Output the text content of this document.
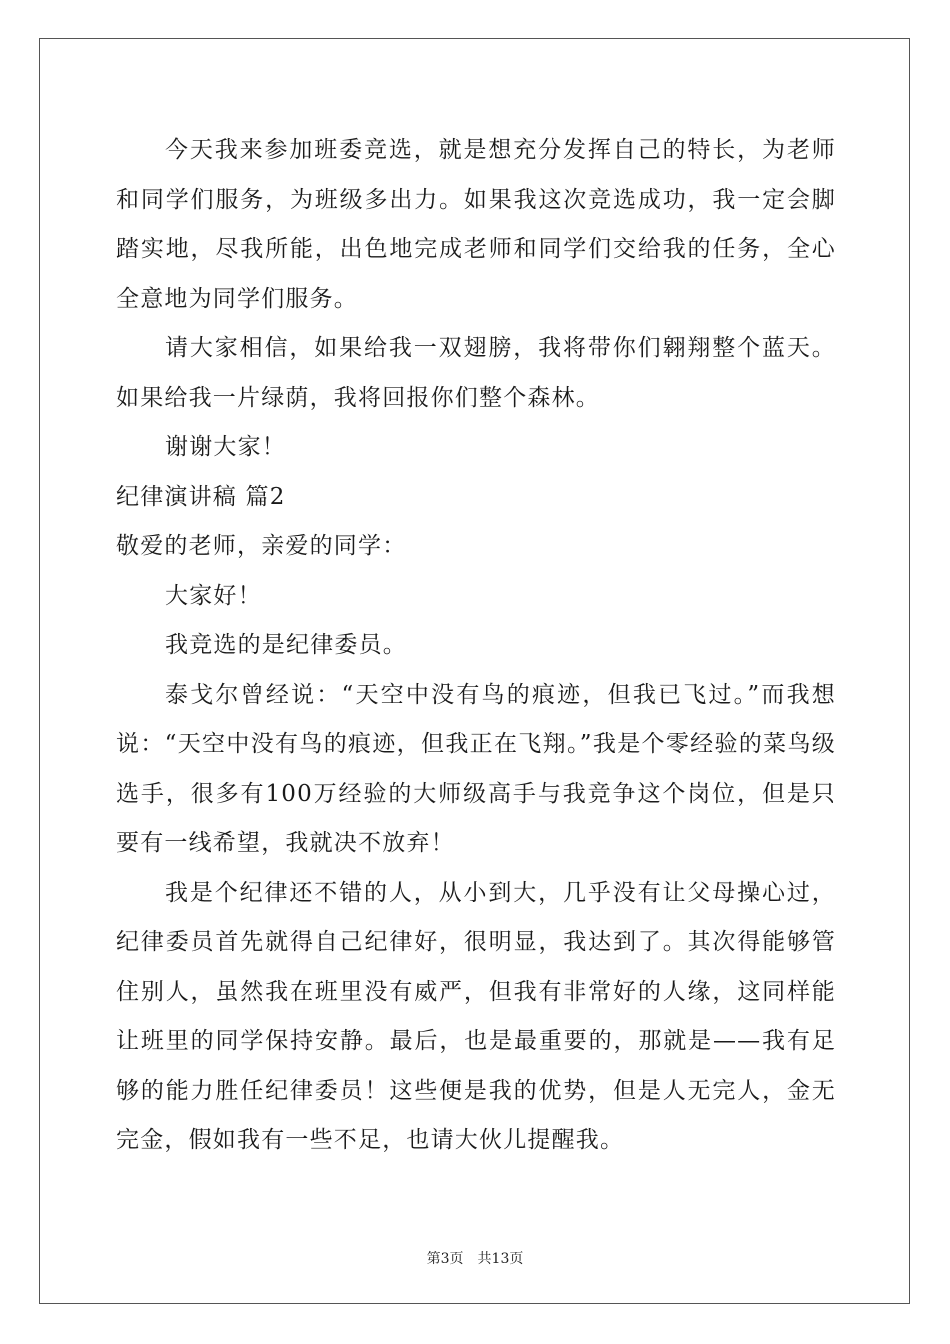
今天我来参加班委竞选，就是想充分发挥自己的特长，为老师和同学们服务，为班级多出力。如果我这次竞选成功，我一定会脚踏实地，尽我所能，出色地完成老师和同学们交给我的任务，全心全意地为同学们服务。

请大家相信，如果给我一双翅膀，我将带你们翱翔整个蓝天。如果给我一片绿荫，我将回报你们整个森林。

谢谢大家！

纪律演讲稿 篇2

敬爱的老师，亲爱的同学：

大家好！

我竞选的是纪律委员。

泰戈尔曾经说：“天空中没有鸟的痕迹，但我已飞过。”而我想说：“天空中没有鸟的痕迹，但我正在飞翔。”我是个零经验的菜鸟级选手，很多有100万经验的大师级高手与我竞争这个岗位，但是只要有一线希望，我就决不放弃！

我是个纪律还不错的人，从小到大，几乎没有让父母操心过，纪律委员首先就得自己纪律好，很明显，我达到了。其次得能够管住别人，虽然我在班里没有威严，但我有非常好的人缘，这同样能让班里的同学保持安静。最后，也是最重要的，那就是——我有足够的能力胜任纪律委员！这些便是我的优势，但是人无完人，金无完金，假如我有一些不足，也请大伙儿提醒我。

第3页 共13页
